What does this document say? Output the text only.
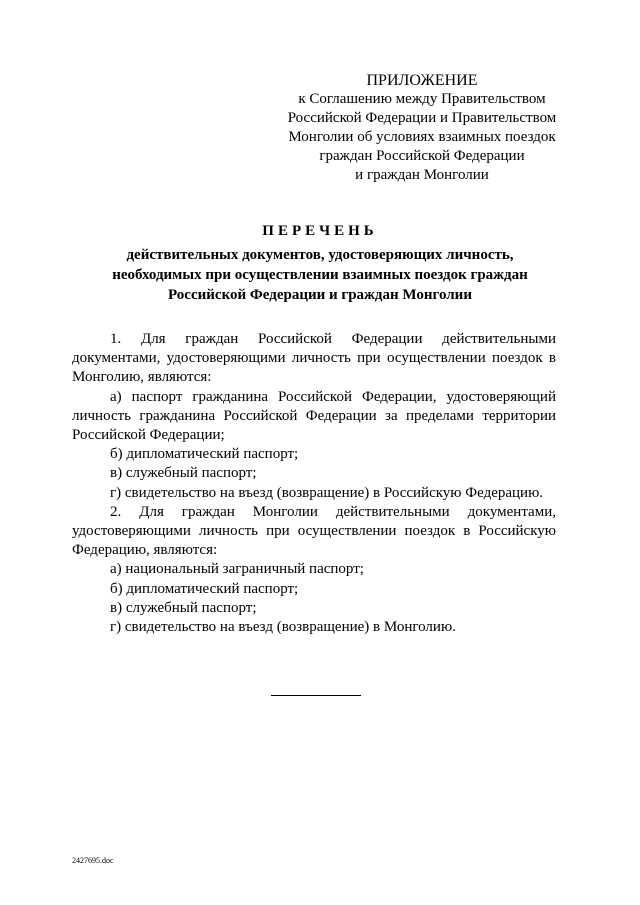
ПРИЛОЖЕНИЕ
к Соглашению между Правительством
Российской Федерации и Правительством
Монголии об условиях взаимных поездок
граждан Российской Федерации
и граждан Монголии
ПЕРЕЧЕНЬ
действительных документов, удостоверяющих личность,
необходимых при осуществлении взаимных поездок граждан
Российской Федерации и граждан Монголии
1. Для граждан Российской Федерации действительными
документами, удостоверяющими личность при осуществлении поездок в
Монголию, являются:
а) паспорт гражданина Российской Федерации, удостоверяющий
личность гражданина Российской Федерации за пределами территории
Российской Федерации;
б) дипломатический паспорт;
в) служебный паспорт;
г) свидетельство на въезд (возвращение) в Российскую Федерацию.
2. Для граждан Монголии действительными документами,
удостоверяющими личность при осуществлении поездок в Российскую
Федерацию, являются:
а) национальный заграничный паспорт;
б) дипломатический паспорт;
в) служебный паспорт;
г) свидетельство на въезд (возвращение) в Монголию.
2427695.doc
